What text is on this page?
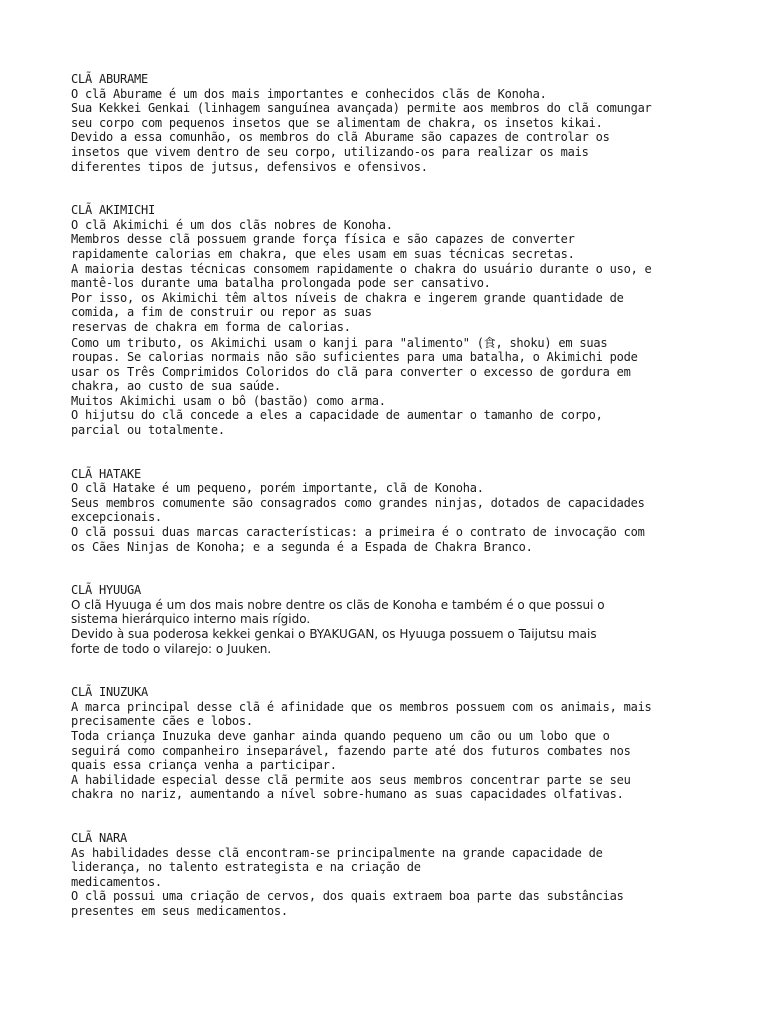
CLÃ ABURAME
O clã Aburame é um dos mais importantes e conhecidos clãs de Konoha.
Sua Kekkei Genkai (linhagem sanguínea avançada) permite aos membros do clã comungar
seu corpo com pequenos insetos que se alimentam de chakra, os insetos kikai.
Devido a essa comunhão, os membros do clã Aburame são capazes de controlar os
insetos que vivem dentro de seu corpo, utilizando-os para realizar os mais
diferentes tipos de jutsus, defensivos e ofensivos.
CLÃ AKIMICHI
O clã Akimichi é um dos clãs nobres de Konoha.
Membros desse clã possuem grande força física e são capazes de converter
rapidamente calorias em chakra, que eles usam em suas técnicas secretas.
A maioria destas técnicas consomem rapidamente o chakra do usuário durante o uso, e
mantê-los durante uma batalha prolongada pode ser cansativo.
Por isso, os Akimichi têm altos níveis de chakra e ingerem grande quantidade de
comida, a fim de construir ou repor as suas
reservas de chakra em forma de calorias.
Como um tributo, os Akimichi usam o kanji para "alimento" (食, shoku) em suas
roupas. Se calorias normais não são suficientes para uma batalha, o Akimichi pode
usar os Três Comprimidos Coloridos do clã para converter o excesso de gordura em
chakra, ao custo de sua saúde.
Muitos Akimichi usam o bô (bastão) como arma.
O hijutsu do clã concede a eles a capacidade de aumentar o tamanho de corpo,
parcial ou totalmente.
CLÃ HATAKE
O clã Hatake é um pequeno, porém importante, clã de Konoha.
Seus membros comumente são consagrados como grandes ninjas, dotados de capacidades
excepcionais.
O clã possui duas marcas características: a primeira é o contrato de invocação com
os Cães Ninjas de Konoha; e a segunda é a Espada de Chakra Branco.
CLÃ HYUUGA
O clã Hyuuga é um dos mais nobre dentre os clãs de Konoha e também é o que possui o
sistema hierárquico interno mais rígido.
Devido à sua poderosa kekkei genkai o BYAKUGAN, os Hyuuga possuem o Taijutsu mais
forte de todo o vilarejo: o Juuken.
CLÃ INUZUKA
A marca principal desse clã é afinidade que os membros possuem com os animais, mais
precisamente cães e lobos.
Toda criança Inuzuka deve ganhar ainda quando pequeno um cão ou um lobo que o
seguirá como companheiro inseparável, fazendo parte até dos futuros combates nos
quais essa criança venha a participar.
A habilidade especial desse clã permite aos seus membros concentrar parte se seu
chakra no nariz, aumentando a nível sobre-humano as suas capacidades olfativas.
CLÃ NARA
As habilidades desse clã encontram-se principalmente na grande capacidade de
liderança, no talento estrategista e na criação de
medicamentos.
O clã possui uma criação de cervos, dos quais extraem boa parte das substâncias
presentes em seus medicamentos.
